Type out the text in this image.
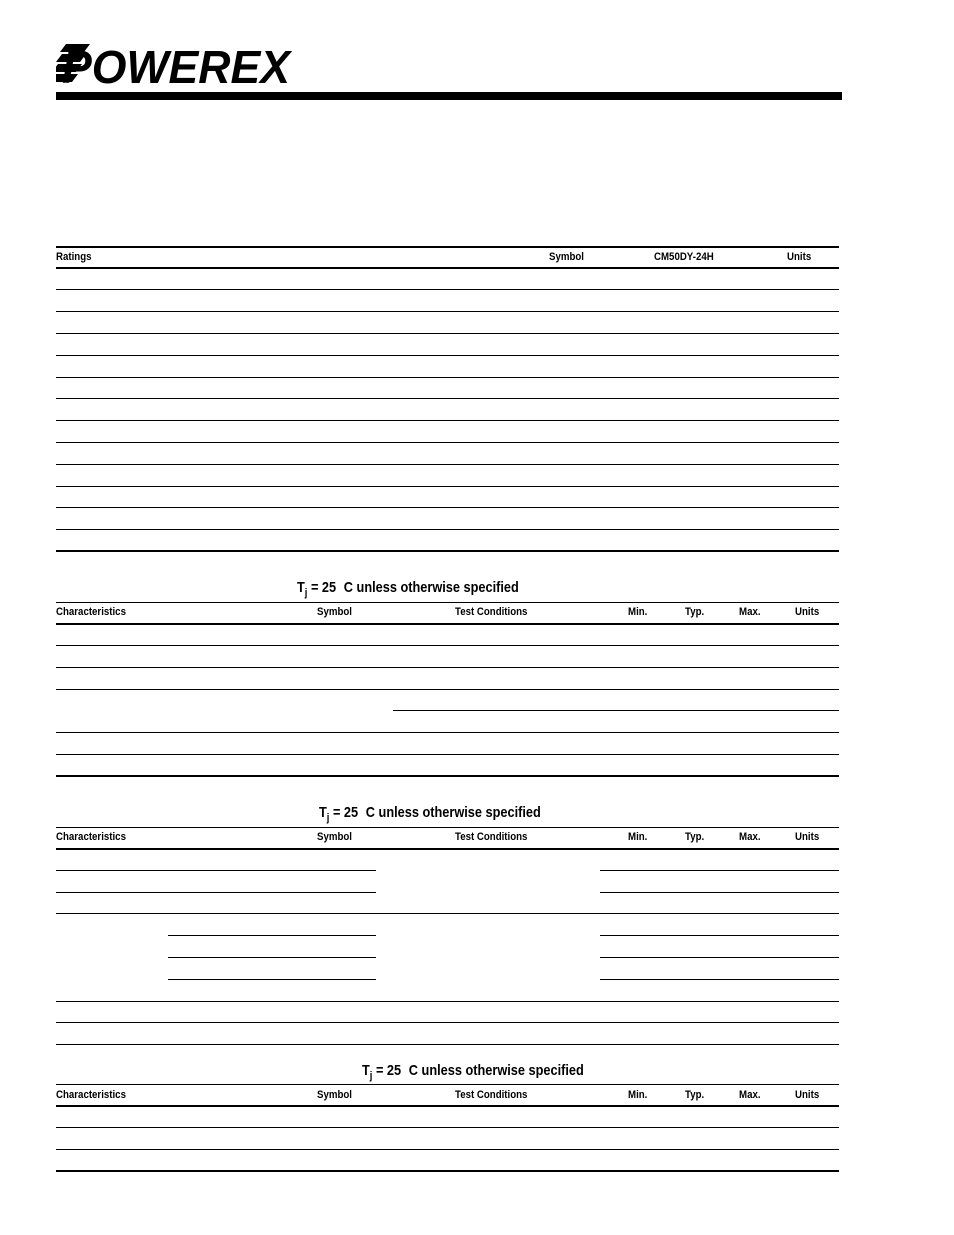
POWEREX
Ratings	Symbol	CM50DY-24H	Units
$T_j = 25$ C unless otherwise specified
Characteristics	Symbol	Test Conditions	Min.	Typ.	Max.	Units
$T_j = 25$ C unless otherwise specified
Characteristics	Symbol	Test Conditions	Min.	Typ.	Max.	Units
$T_j = 25$ C unless otherwise specified
Characteristics	Symbol	Test Conditions	Min.	Typ.	Max.	Units
